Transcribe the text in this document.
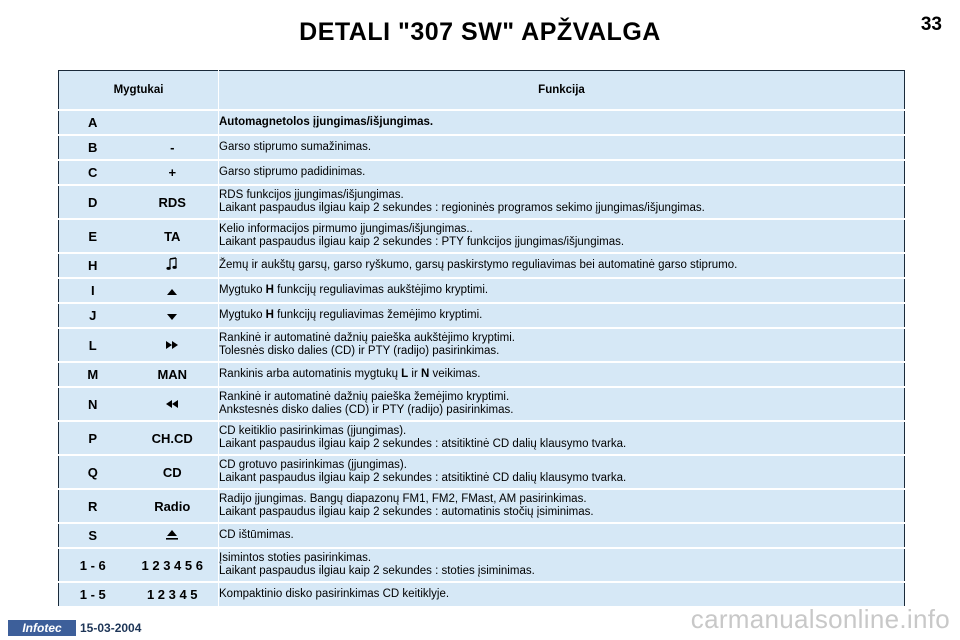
DETALI "307 SW" APŽVALGA	33
Mygtukai		Funkcija
A		Automagnetolos įjungimas/išjungimas.

B	-	Garso stiprumo sumažinimas.

C	+	Garso stiprumo padidinimas.

D	RDS	RDS funkcijos įjungimas/išjungimas.
Laikant paspaudus ilgiau kaip 2 sekundes : regioninės programos sekimo įjungimas/išjungimas.

E	TA	Kelio informacijos pirmumo įjungimas/išjungimas..
Laikant paspaudus ilgiau kaip 2 sekundes : PTY funkcijos įjungimas/išjungimas.

H		Žemų ir aukštų garsų, garso ryškumo, garsų paskirstymo reguliavimas bei automatinė garso stiprumo.

I		Mygtuko H funkcijų reguliavimas aukštėjimo kryptimi.

J		Mygtuko H funkcijų reguliavimas žemėjimo kryptimi.

L		Rankinė ir automatinė dažnių paieška aukštėjimo kryptimi.
Tolesnės disko dalies (CD) ir PTY (radijo) pasirinkimas.

M	MAN	Rankinis arba automatinis mygtukų L ir N veikimas.

N		Rankinė ir automatinė dažnių paieška žemėjimo kryptimi.
Ankstesnės disko dalies (CD) ir PTY (radijo) pasirinkimas.

P	CH.CD	CD keitiklio pasirinkimas (įjungimas).
Laikant paspaudus ilgiau kaip 2 sekundes : atsitiktinė CD dalių klausymo tvarka.

Q	CD	CD grotuvo pasirinkimas (įjungimas).
Laikant paspaudus ilgiau kaip 2 sekundes : atsitiktinė CD dalių klausymo tvarka.

R	Radio	Radijo įjungimas. Bangų diapazonų FM1, FM2, FMast, AM pasirinkimas.
Laikant paspaudus ilgiau kaip 2 sekundes : automatinis stočių įsiminimas.

S		CD ištūmimas.

1 - 6	1 2 3 4 5 6	Įsimintos stoties pasirinkimas.
Laikant paspaudus ilgiau kaip 2 sekundes : stoties įsiminimas.

1 - 5	1 2 3 4 5	Kompaktinio disko pasirinkimas CD keitiklyje.
Infotec	15-03-2004	carmanualsonline.info
